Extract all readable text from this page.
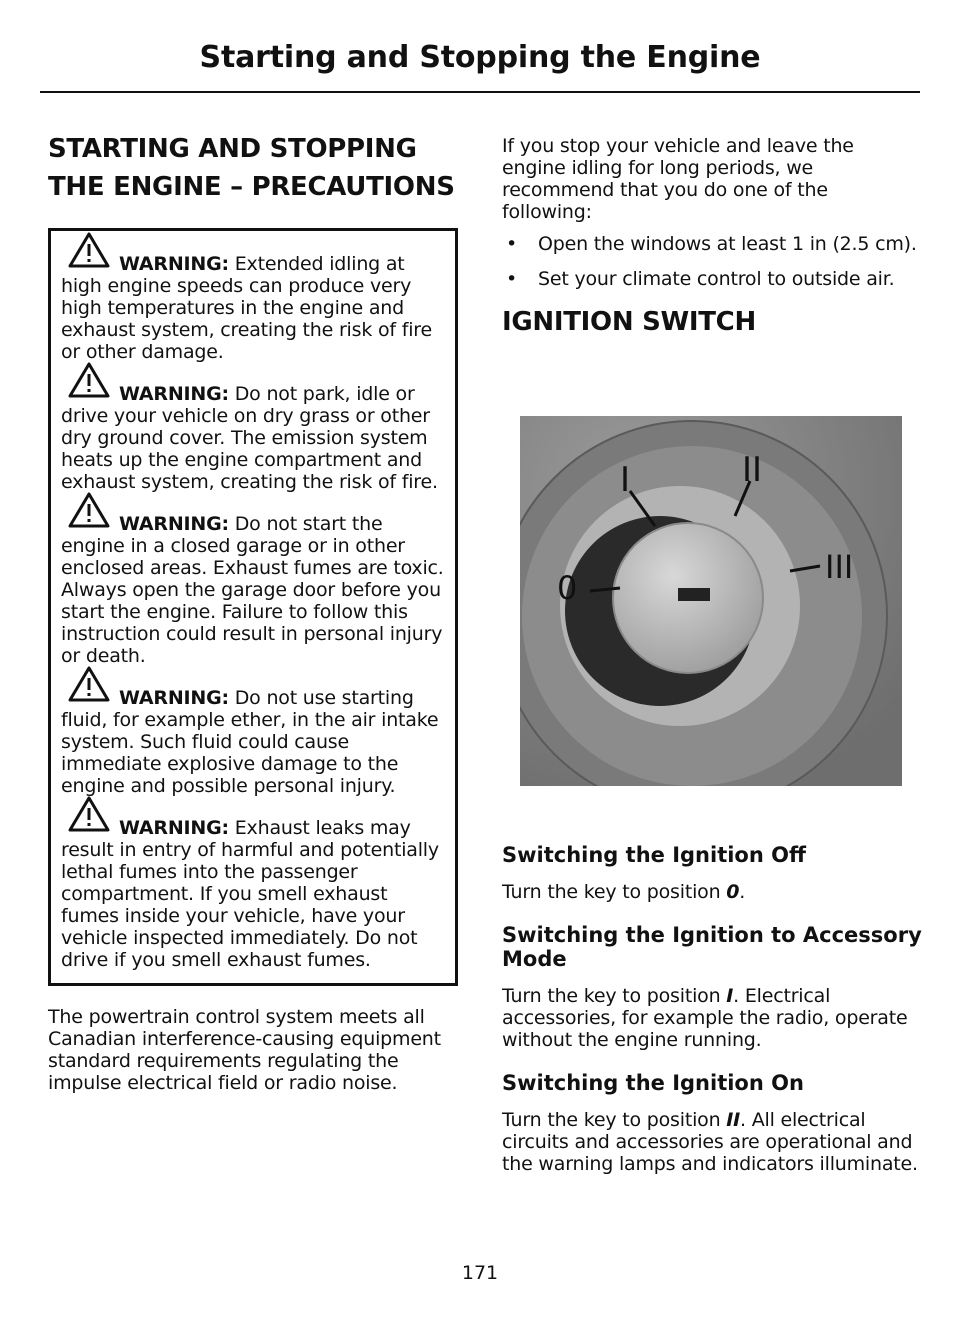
Starting and Stopping the Engine
STARTING AND STOPPING THE ENGINE – PRECAUTIONS
WARNING: Extended idling at high engine speeds can produce very high temperatures in the engine and exhaust system, creating the risk of fire or other damage.
WARNING: Do not park, idle or drive your vehicle on dry grass or other dry ground cover. The emission system heats up the engine compartment and exhaust system, creating the risk of fire.
WARNING: Do not start the engine in a closed garage or in other enclosed areas. Exhaust fumes are toxic. Always open the garage door before you start the engine. Failure to follow this instruction could result in personal injury or death.
WARNING: Do not use starting fluid, for example ether, in the air intake system. Such fluid could cause immediate explosive damage to the engine and possible personal injury.
WARNING: Exhaust leaks may result in entry of harmful and potentially lethal fumes into the passenger compartment. If you smell exhaust fumes inside your vehicle, have your vehicle inspected immediately. Do not drive if you smell exhaust fumes.

The powertrain control system meets all Canadian interference-causing equipment standard requirements regulating the impulse electrical field or radio noise.

If you stop your vehicle and leave the engine idling for long periods, we recommend that you do one of the following:

• Open the windows at least 1 in (2.5 cm).
• Set your climate control to outside air.
IGNITION SWITCH
I	II
0
III
Switching the Ignition Off

Turn the key to position 0.

Switching the Ignition to Accessory Mode

Turn the key to position I. Electrical accessories, for example the radio, operate without the engine running.

Switching the Ignition On

Turn the key to position II. All electrical circuits and accessories are operational and the warning lamps and indicators illuminate.

171
